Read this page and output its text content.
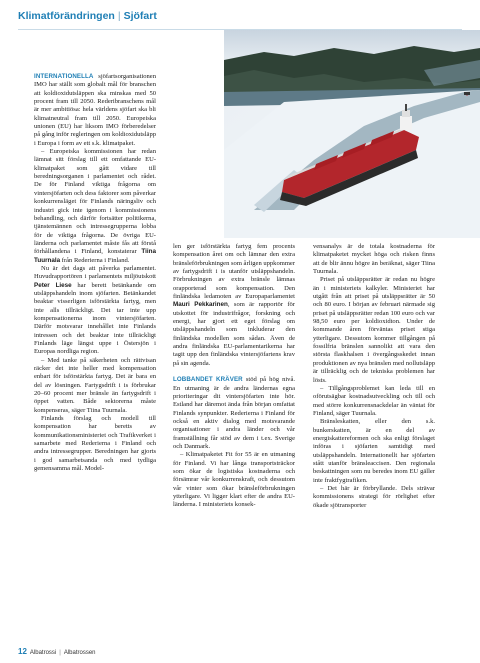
Klimatförändringen | Sjöfart

INTERNATIONELLA sjöfartsorganisationen IMO har ställt som globalt mål för branschen att koldioxidutsläppen ska minskas med 50 procent fram till 2050. Rederibranschens mål är mer ambitiösa: hela världens sjöfart ska bli klimatneutral fram till 2050. Europeiska unionen (EU) har liksom IMO förberedelser på gång inför regleringen om koldioxidutsläpp i Europa i form av ett s.k. klimatpaket.

– Europeiska kommissionen har redan lämnat sitt förslag till ett omfattande EU-klimatpaket som gått vidare till beredningsorganen i parlamentet och rådet. De för Finland viktiga frågorna om vintersjöfarten och dess faktorer som påverkar konkurrensläget för Finlands näringsliv och industri gick inte igenom i kommissionens behandling, och därför fortsätter politikerna, tjänstemännen och intressegrupperna lobba för de viktiga frågorna. De övriga EU-länderna och parlamentet måste fås att förstå förhållandena i Finland, konstaterar Tiina Tuurnala från Rederierna i Finland.

Nu är det dags att påverka parlamentet. Huvudrapportören i parlamentets miljöutskott Peter Liese har berett betänkande om utsläppshandeln inom sjöfarten. Betänkandet beaktar visserligen isförstärkta fartyg, men inte alls tillräckligt. Det tar inte upp kompensationerna inom vintersjöfarten. Därför motsvarar innehållet inte Finlands intressen och det beaktar inte tillräckligt Finlands läge längst uppe i Östersjön i Europas nordliga region.

– Med tanke på säkerheten och rättvisan räcker det inte heller med kompensation enbart för isförstärkta fartyg. Det är bara en del av lösningen. Fartygsdrift i is förbrukar 20–60 procent mer bränsle än fartygsdrift i öppet vatten. Både sektorerna måste kompenseras, säger Tiina Tuurnala.

Finlands förslag och modell till kompensation har beretts av kommunikationsministeriet och Trafikverket i samarbete med Rederierna i Finland och andra intressegrupper. Beredningen har gjorts i god samarbetsanda och med tydliga gemensamma mål. Model-

len ger isförstärkta fartyg fem procents kompensation året om och lämnar den extra bränsleförbrukningen som årligen uppkommer av fartygsdrift i is utanför utsläppshandeln. Förbrukningen av extra bränsle lämnas orapporterad som kompensation. Den finländska ledamoten av Europaparlamentet Mauri Pekkarinen, som är rapportör för utskottet för industrifrågor, forskning och energi, har gjort ett eget förslag om utsläppshandeln som inkluderar den finländska modellen som sådan. Även de andra finländska EU-parlamentarikerna har tagit upp den finländska vintersjöfartens krav på sin agenda.

LOBBANDET KRÄVER stöd på hög nivå. En utmaning är de andra ländernas egna prioriteringar dit vintersjöfarten inte hör. Estland har däremot ända från början omfattat Finlands synpunkter. Rederierna i Finland för också en aktiv dialog med motsvarande organisationer i andra länder och vår framställning får stöd av dem i t.ex. Sverige och Danmark.

– Klimatpaketet Fit for 55 är en utmaning för Finland. Vi har långa transportsträckor som ökar de logistiska kostnaderna och försämrar vår konkurrenskraft, och dessutom vår vinter som ökar bränsleförbrukningen ytterligare. Vi ligger klart efter de andra EU-länderna. I ministeriets konsek-

vensanalys är de totala kostnaderna för klimatpaketet mycket höga och risken finns att de blir ännu högre än beräknat, säger Tiina Tuurnala.

Priset på utsläppsrätter är redan nu högre än i ministeriets kalkyler. Ministeriet har utgått från att priset på utsläppsrätter är 50 och 80 euro. I början av februari närmade sig priset på utsläppsrätter redan 100 euro och var 98,50 euro per koldioxidton. Under de kommande åren förväntas priset stiga ytterligare. Dessutom kommer tillgången på fossilfria bränslen sannolikt att vara den största flaskhalsen i övergångsskedet innan produktionen av nya bränslen med nollutsläpp är tillräcklig och de tekniska problemen har lösts.

– Tillgångsproblemet kan leda till en oförutsägbar kostnadsutveckling och till och med större konkurrensnackdelar än väntat för Finland, säger Tuurnala.

Bränsleskatten, eller den s.k. bunkerskatten, är en del av energiskattereformen och ska enligt förslaget införas i sjöfarten samtidigt med utsläppshandeln. Internationellt har sjöfarten stått utanför bränsleaccisen. Den regionala beskattningen som nu beredes inom EU gäller inte fraktfygtrafiken.

– Det här är förbryllande. Dels strävar kommissionens strategi för rörlighet efter ökade sjötransporter

12 Albatrossi | Albatrossen
